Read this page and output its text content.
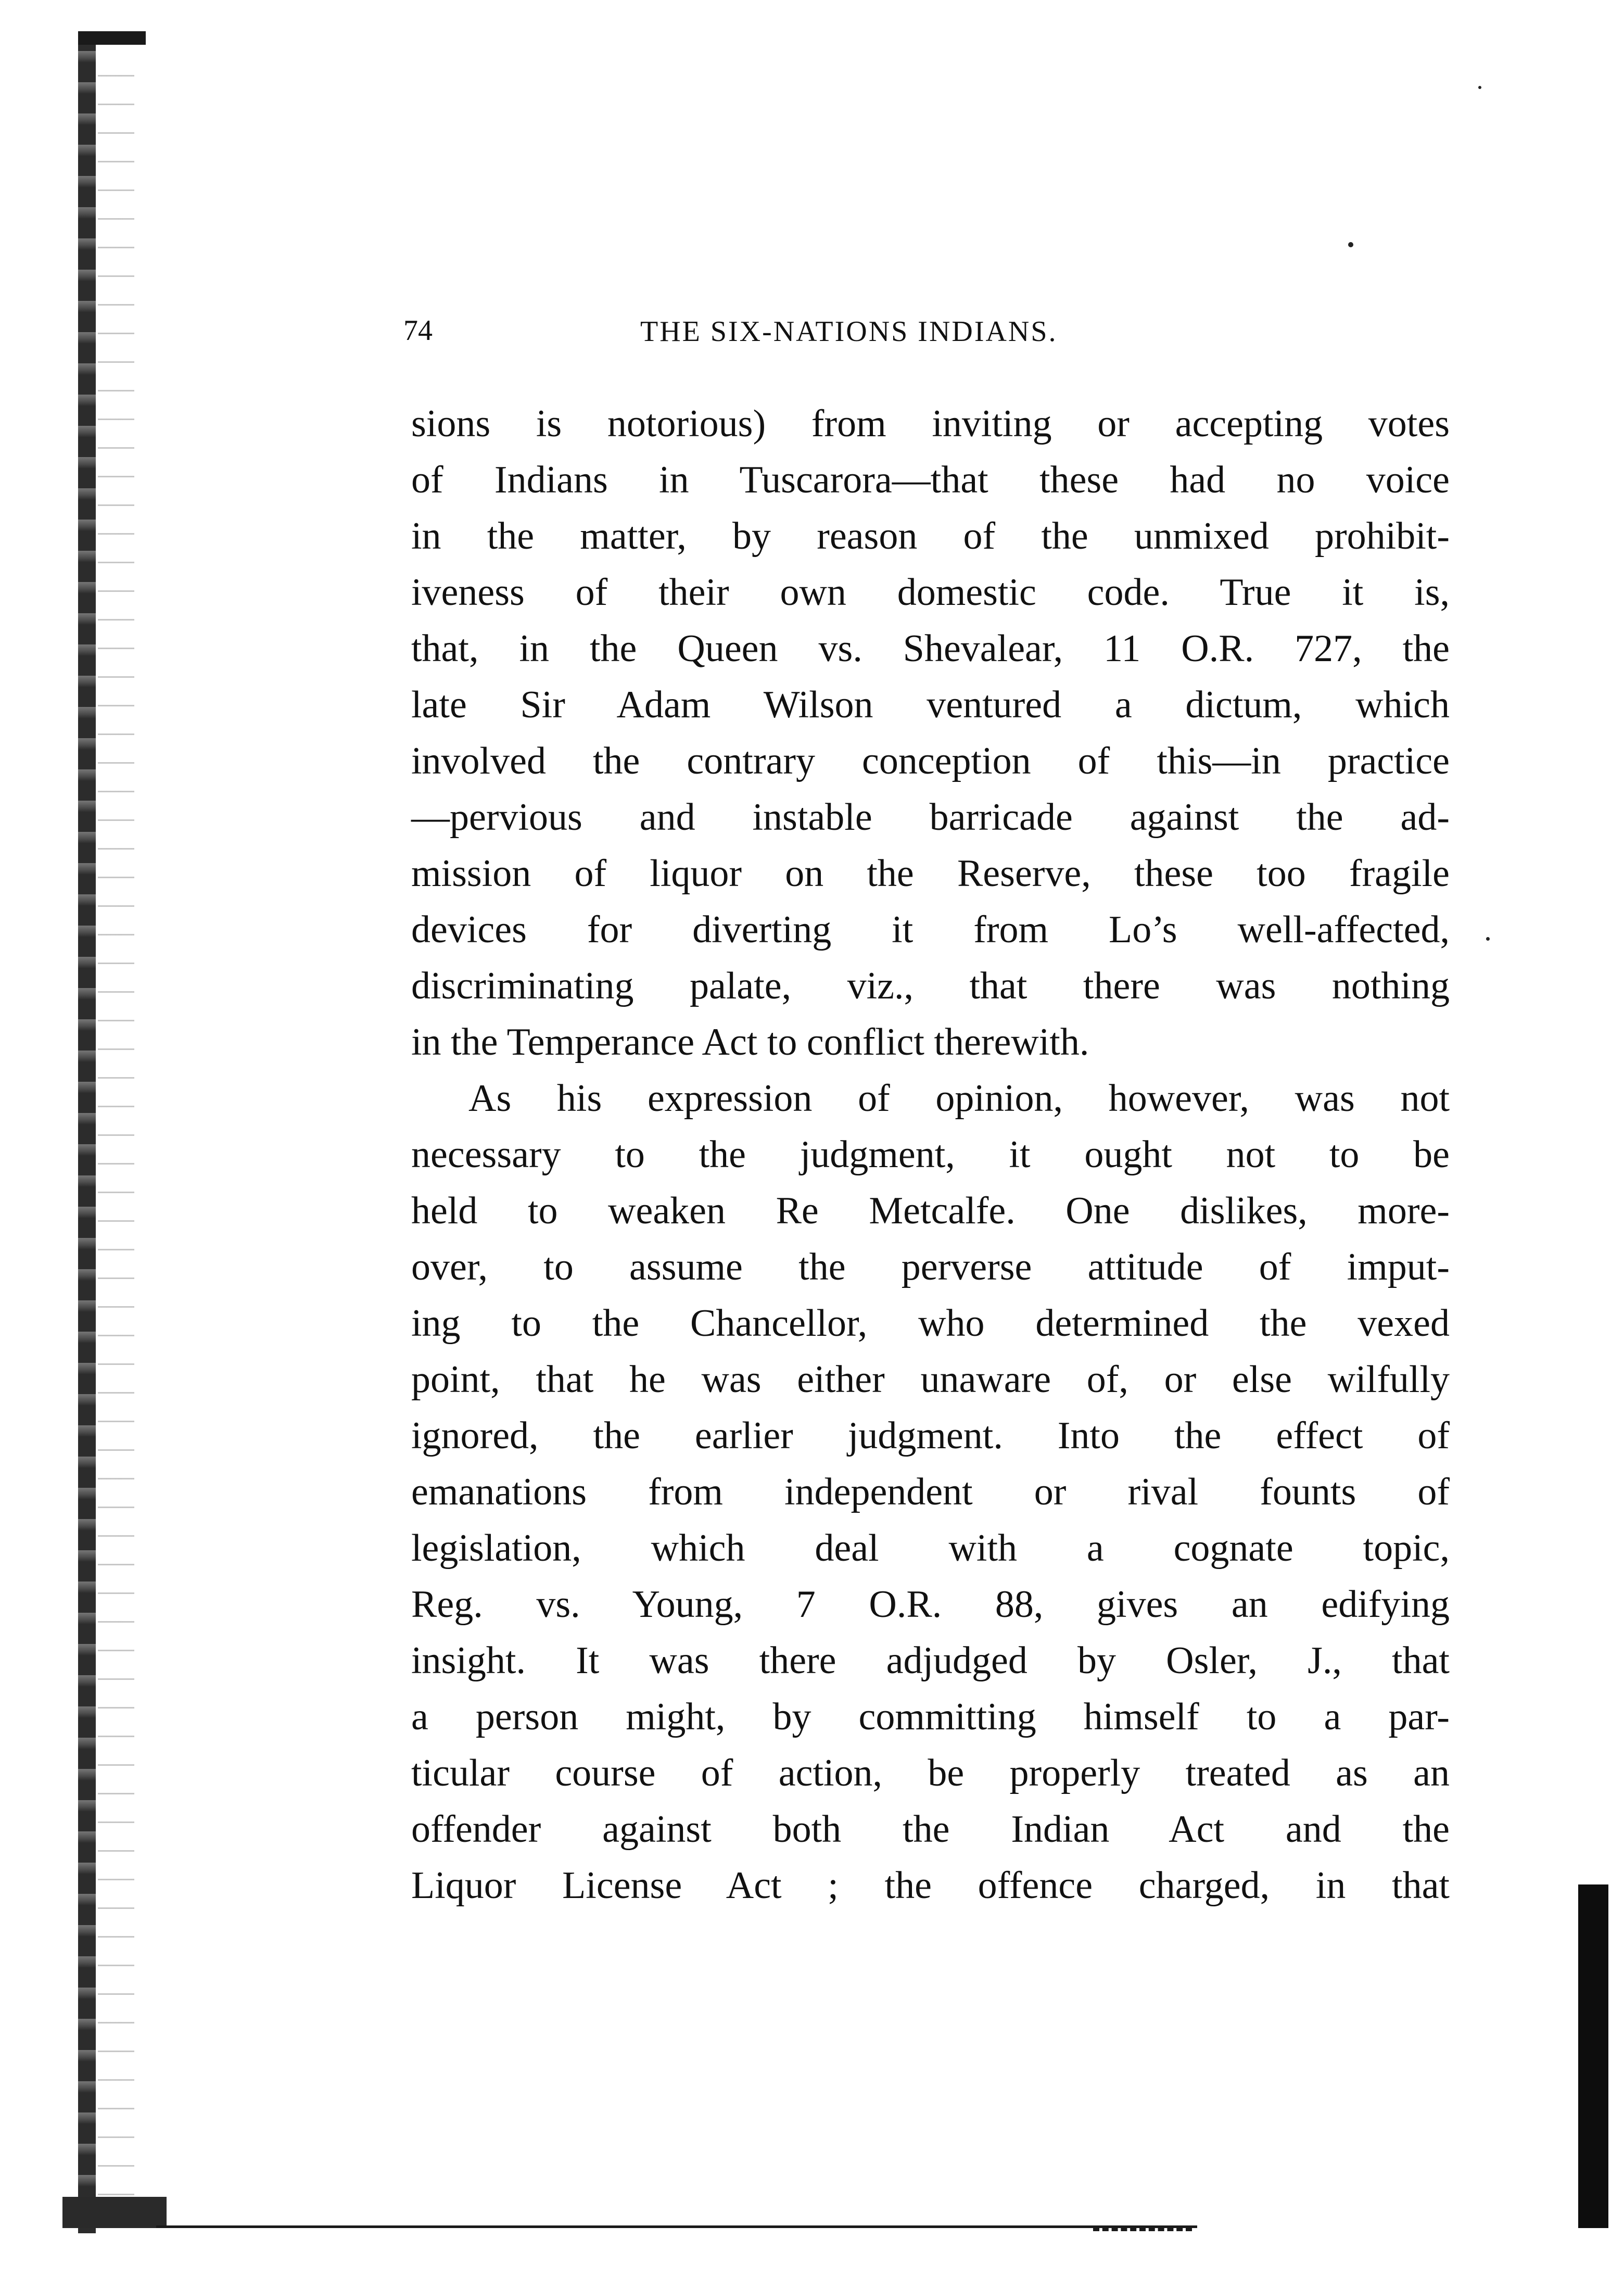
74	THE SIX-NATIONS INDIANS.
sions is notorious) from inviting or accepting votes
of Indians in Tuscarora—that these had no voice
in the matter, by reason of the unmixed prohibit-
iveness of their own domestic code. True it is,
that, in the Queen vs. Shevalear, 11 O.R. 727, the
late Sir Adam Wilson ventured a dictum, which
involved the contrary conception of this—in practice
—pervious and instable barricade against the ad-
mission of liquor on the Reserve, these too fragile
devices for diverting it from Lo’s well-affected,
discriminating palate, viz., that there was nothing
in the Temperance Act to conflict therewith.
As his expression of opinion, however, was not
necessary to the judgment, it ought not to be
held to weaken Re Metcalfe. One dislikes, more-
over, to assume the perverse attitude of imput-
ing to the Chancellor, who determined the vexed
point, that he was either unaware of, or else wilfully
ignored, the earlier judgment. Into the effect of
emanations from independent or rival founts of
legislation, which deal with a cognate topic,
Reg. vs. Young, 7 O.R. 88, gives an edifying
insight. It was there adjudged by Osler, J., that
a person might, by committing himself to a par-
ticular course of action, be properly treated as an
offender against both the Indian Act and the
Liquor License Act ; the offence charged, in that
